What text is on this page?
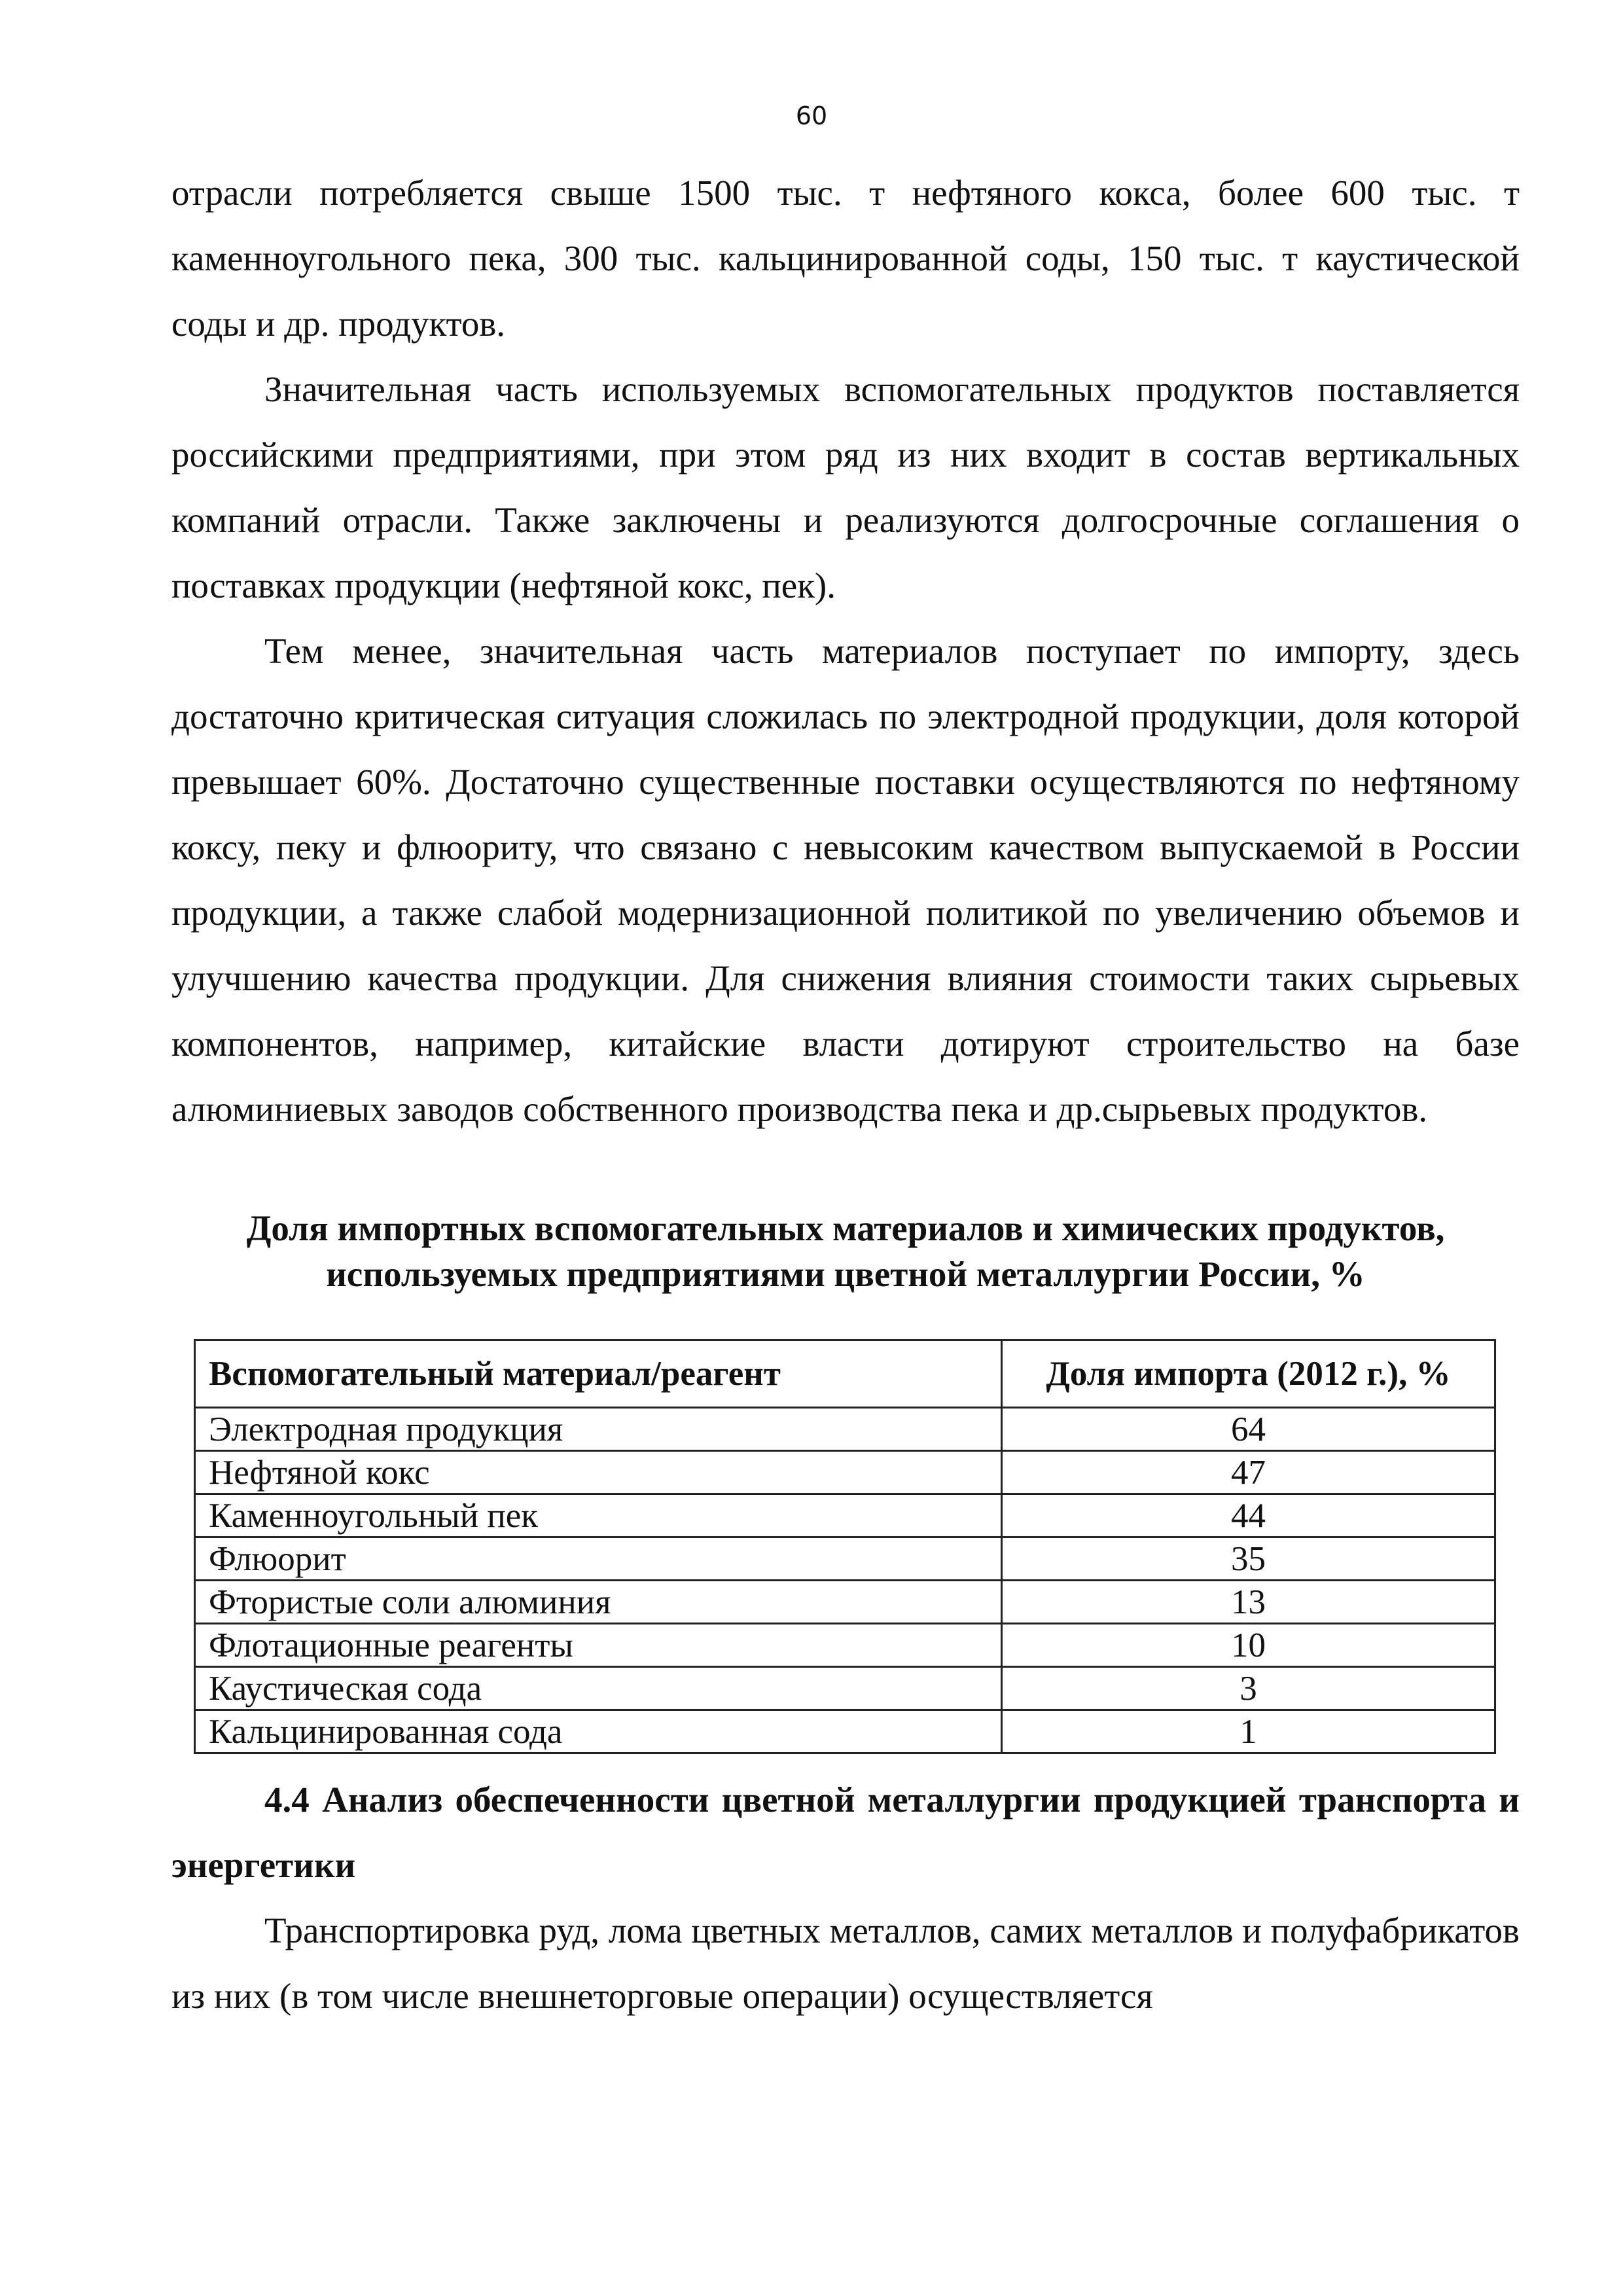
60

отрасли потребляется свыше 1500 тыс. т нефтяного кокса, более 600 тыс. т каменноугольного пека, 300 тыс. кальцинированной соды, 150 тыс. т каустической соды и др. продуктов.

Значительная часть используемых вспомогательных продуктов поставляется российскими предприятиями, при этом ряд из них входит в состав вертикальных компаний отрасли. Также заключены и реализуются долгосрочные соглашения о поставках продукции (нефтяной кокс, пек).

Тем менее, значительная часть материалов поступает по импорту, здесь достаточно критическая ситуация сложилась по электродной продукции, доля которой превышает 60%. Достаточно существенные поставки осуществляются по нефтяному коксу, пеку и флюориту, что связано с невысоким качеством выпускаемой в России продукции, а также слабой модернизационной политикой по увеличению объемов и улучшению качества продукции. Для снижения влияния стоимости таких сырьевых компонентов, например, китайские власти дотируют строительство на базе алюминиевых заводов собственного производства пека и др.сырьевых продуктов.

Доля импортных вспомогательных материалов и химических продуктов,
используемых предприятиями цветной металлургии России, %

Вспомогательный материал/реагент	Доля импорта (2012 г.), %
Электродная продукция	64
Нефтяной кокс	47
Каменноугольный пек	44
Флюорит	35
Фтористые соли алюминия	13
Флотационные реагенты	10
Каустическая сода	3
Кальцинированная сода	1

4.4 Анализ обеспеченности цветной металлургии продукцией транспорта и энергетики

Транспортировка руд, лома цветных металлов, самих металлов и полуфабрикатов из них (в том числе внешнеторговые операции) осуществляется
